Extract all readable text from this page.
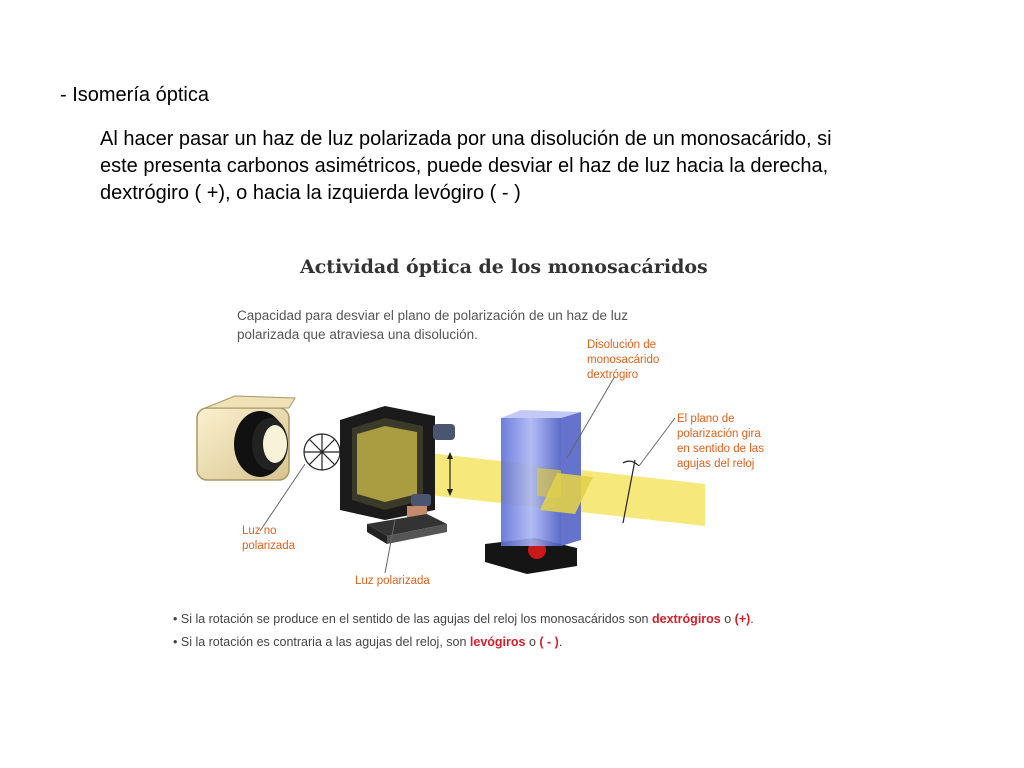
- Isomería óptica
Al hacer pasar un haz de luz polarizada por una disolución de un monosacárido, si
este presenta carbonos asimétricos, puede desviar el haz de luz hacia la derecha,
dextrógiro ( +), o hacia la izquierda levógiro ( - )
Actividad óptica de los monosacáridos
Capacidad para desviar el plano de polarización de un haz de luz
polarizada que atraviesa una disolución.
Disolución de
monosacárido
dextrógiro
El plano de
polarización gira
en sentido de las
agujas del reloj
Luz no
polarizada
Luz polarizada
• Si la rotación se produce en el sentido de las agujas del reloj los monosacáridos son dextrógiros o (+).
• Si la rotación es contraria a las agujas del reloj, son levógiros o ( - ).
